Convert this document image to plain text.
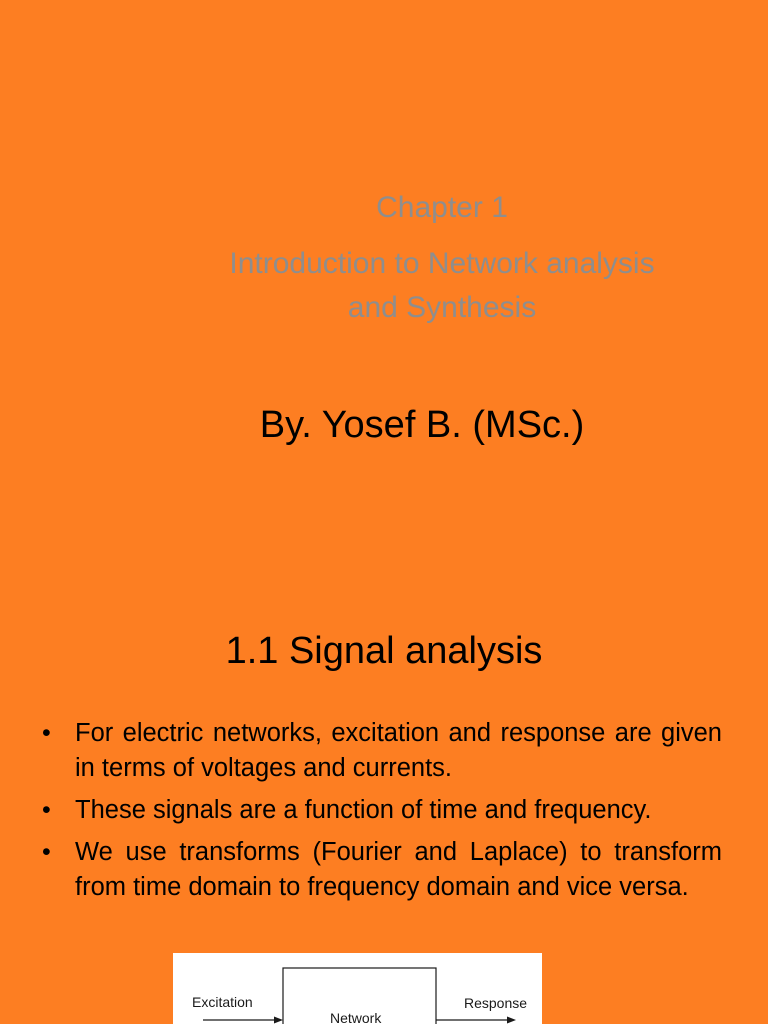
Chapter 1
Introduction to Network analysis
and Synthesis
By. Yosef B. (MSc.)
1.1 Signal analysis
• For electric networks, excitation and response are given in terms of voltages and currents.
• These signals are a function of time and frequency.
• We use transforms (Fourier and Laplace) to transform from time domain to frequency domain and vice versa.
Excitation
Network
Response
